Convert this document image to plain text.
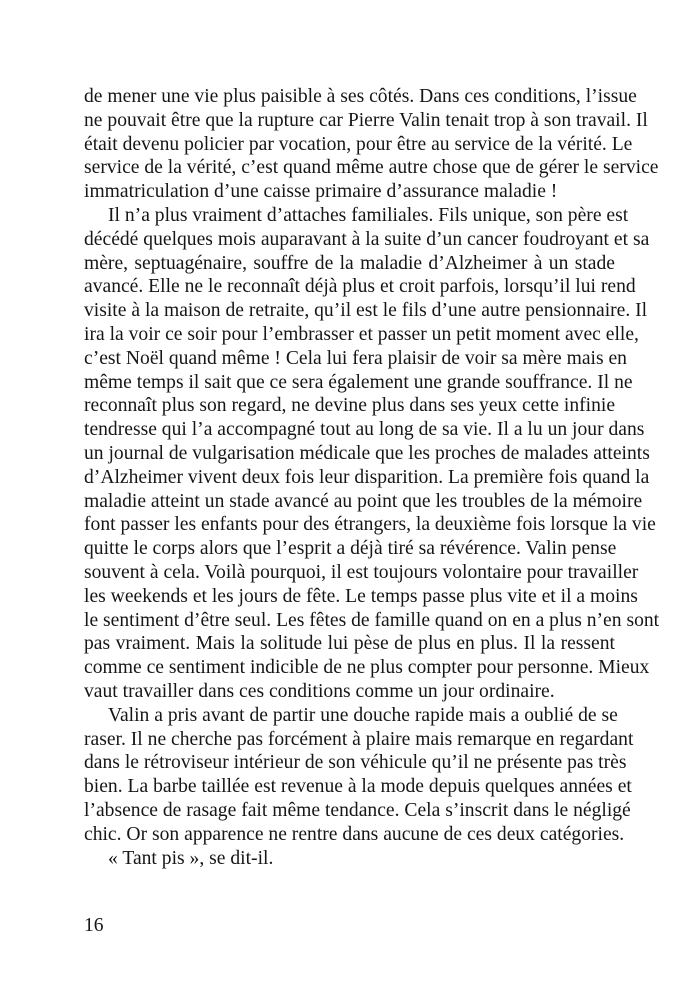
de mener une vie plus paisible à ses côtés. Dans ces conditions, l’issue
ne pouvait être que la rupture car Pierre Valin tenait trop à son travail. Il
était devenu policier par vocation, pour être au service de la vérité. Le
service de la vérité, c’est quand même autre chose que de gérer le service
immatriculation d’une caisse primaire d’assurance maladie !
Il n’a plus vraiment d’attaches familiales. Fils unique, son père est
décédé quelques mois auparavant à la suite d’un cancer foudroyant et sa
mère, septuagénaire, souffre de la maladie d’Alzheimer à un stade
avancé. Elle ne le reconnaît déjà plus et croit parfois, lorsqu’il lui rend
visite à la maison de retraite, qu’il est le fils d’une autre pensionnaire. Il
ira la voir ce soir pour l’embrasser et passer un petit moment avec elle,
c’est Noël quand même ! Cela lui fera plaisir de voir sa mère mais en
même temps il sait que ce sera également une grande souffrance. Il ne
reconnaît plus son regard, ne devine plus dans ses yeux cette infinie
tendresse qui l’a accompagné tout au long de sa vie. Il a lu un jour dans
un journal de vulgarisation médicale que les proches de malades atteints
d’Alzheimer vivent deux fois leur disparition. La première fois quand la
maladie atteint un stade avancé au point que les troubles de la mémoire
font passer les enfants pour des étrangers, la deuxième fois lorsque la vie
quitte le corps alors que l’esprit a déjà tiré sa révérence. Valin pense
souvent à cela. Voilà pourquoi, il est toujours volontaire pour travailler
les weekends et les jours de fête. Le temps passe plus vite et il a moins
le sentiment d’être seul. Les fêtes de famille quand on en a plus n’en sont
pas vraiment. Mais la solitude lui pèse de plus en plus. Il la ressent
comme ce sentiment indicible de ne plus compter pour personne. Mieux
vaut travailler dans ces conditions comme un jour ordinaire.
Valin a pris avant de partir une douche rapide mais a oublié de se
raser. Il ne cherche pas forcément à plaire mais remarque en regardant
dans le rétroviseur intérieur de son véhicule qu’il ne présente pas très
bien. La barbe taillée est revenue à la mode depuis quelques années et
l’absence de rasage fait même tendance. Cela s’inscrit dans le négligé
chic. Or son apparence ne rentre dans aucune de ces deux catégories.
« Tant pis », se dit-il.
16
